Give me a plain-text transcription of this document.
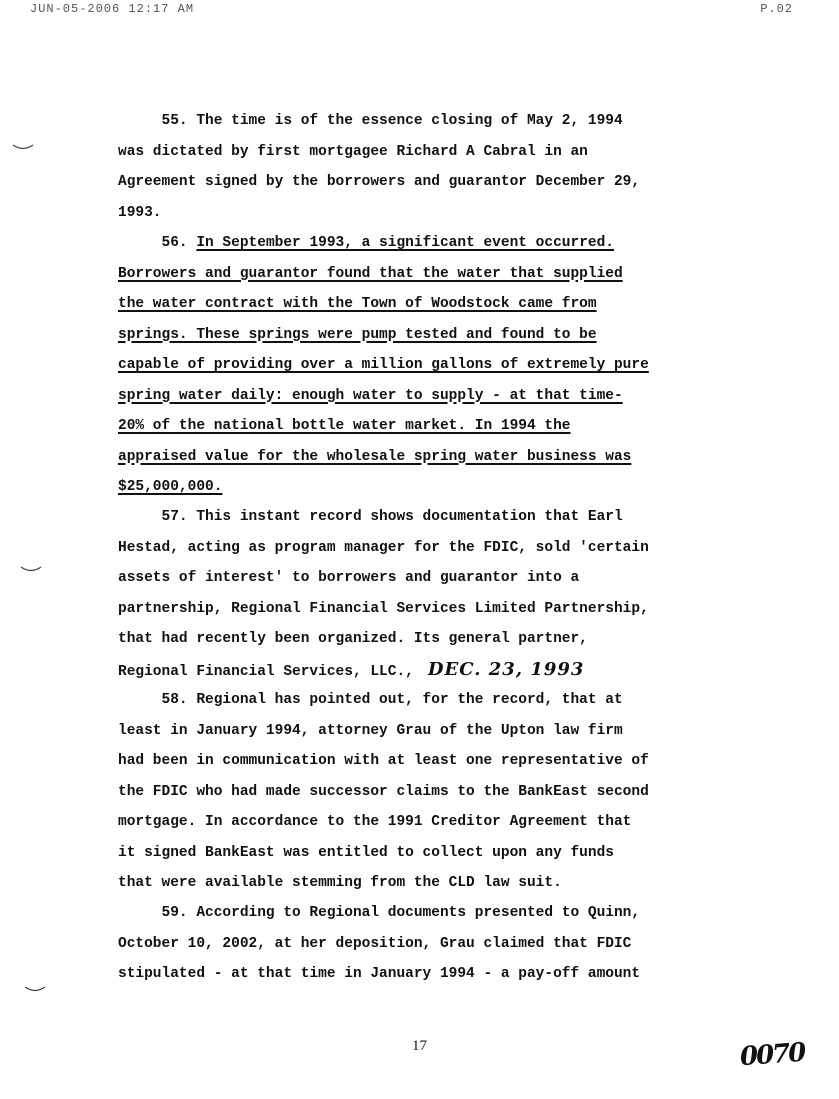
JUN-05-2006 12:17 AM	P.02
55. The time is of the essence closing of May 2, 1994
was dictated by first mortgagee Richard A Cabral in an
Agreement signed by the borrowers and guarantor December 29,
1993.
56. In September 1993, a significant event occurred.
Borrowers and guarantor found that the water that supplied
the water contract with the Town of Woodstock came from
springs. These springs were pump tested and found to be
capable of providing over a million gallons of extremely pure
spring water daily: enough water to supply - at that time-
20% of the national bottle water market. In 1994 the
appraised value for the wholesale spring water business was
$25,000,000.
57. This instant record shows documentation that Earl
Hestad, acting as program manager for the FDIC, sold 'certain
assets of interest' to borrowers and guarantor into a
partnership, Regional Financial Services Limited Partnership,
that had recently been organized. Its general partner,
Regional Financial Services, LLC., DEC. 23, 1993
58. Regional has pointed out, for the record, that at
least in January 1994, attorney Grau of the Upton law firm
had been in communication with at least one representative of
the FDIC who had made successor claims to the BankEast second
mortgage. In accordance to the 1991 Creditor Agreement that
it signed BankEast was entitled to collect upon any funds
that were available stemming from the CLD law suit.
59. According to Regional documents presented to Quinn,
October 10, 2002, at her deposition, Grau claimed that FDIC
stipulated - at that time in January 1994 - a pay-off amount
17	0070
